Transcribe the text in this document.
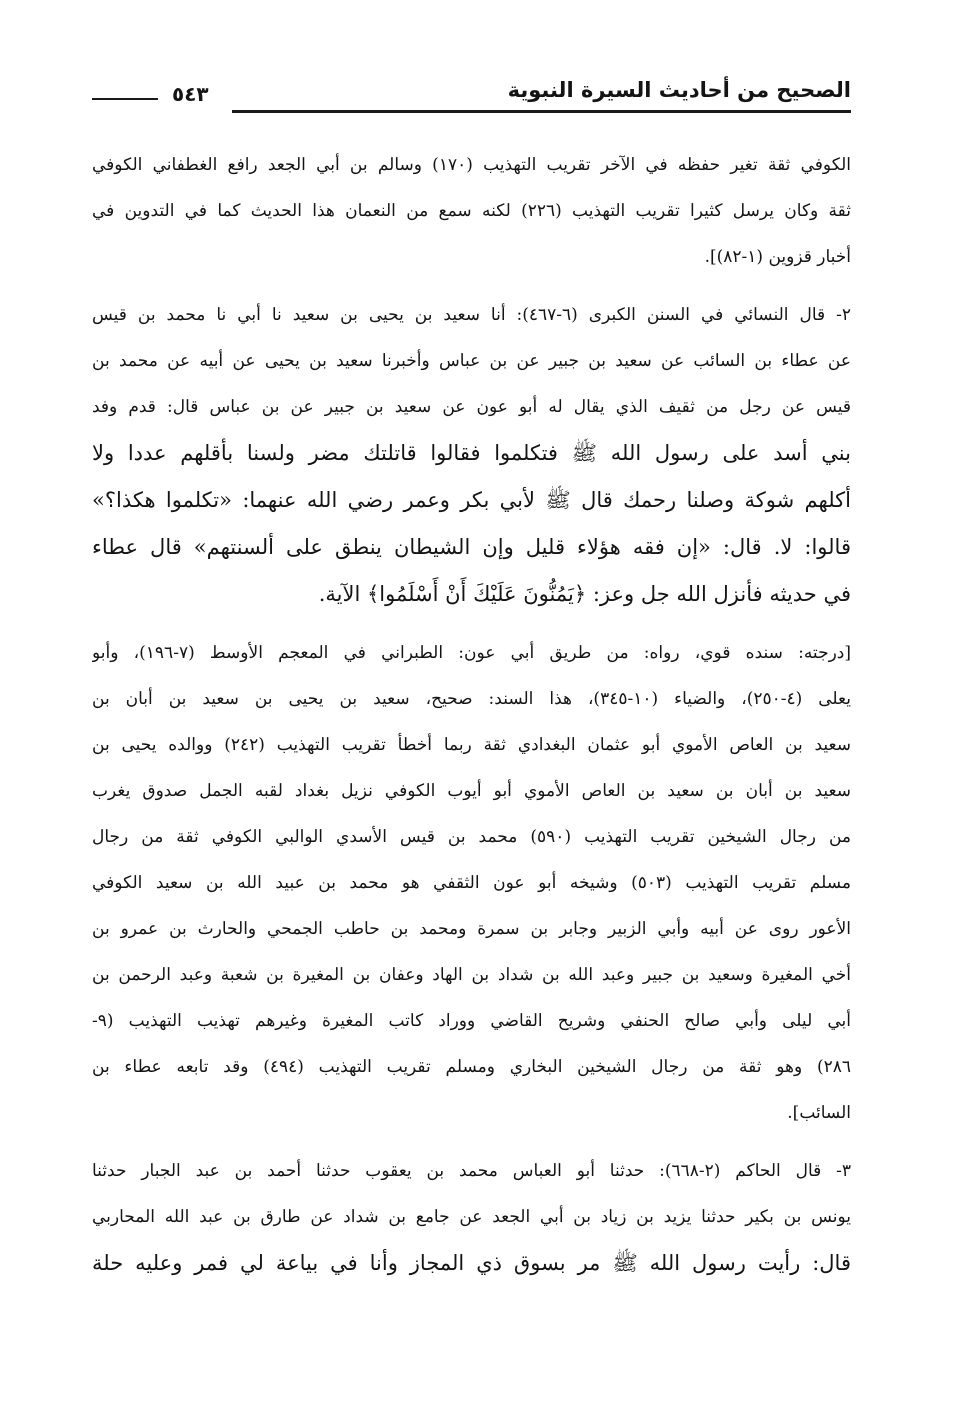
٥٤٣	الصحيح من أحاديث السيرة النبوية
الكوفي ثقة تغير حفظه في الآخر تقريب التهذيب (١٧٠) وسالم بن أبي الجعد رافع الغطفاني الكوفي
ثقة وكان يرسل كثيرا تقريب التهذيب (٢٢٦) لكنه سمع من النعمان هذا الحديث كما في التدوين في
أخبار قزوين (١-٨٢)].
٢- قال النسائي في السنن الكبرى (٦-٤٦٧): أنا سعيد بن يحيى بن سعيد نا أبي نا محمد بن قيس
عن عطاء بن السائب عن سعيد بن جبير عن بن عباس وأخبرنا سعيد بن يحيى عن أبيه عن محمد بن
قيس عن رجل من ثقيف الذي يقال له أبو عون عن سعيد بن جبير عن بن عباس قال: قدم وفد
بني أسد على رسول الله ﷺ فتكلموا فقالوا قاتلتك مضر ولسنا بأقلهم عددا ولا
أكلهم شوكة وصلنا رحمك قال ﷺ لأبي بكر وعمر رضي الله عنهما: «تكلموا هكذا؟»
قالوا: لا. قال: «إن فقه هؤلاء قليل وإن الشيطان ينطق على ألسنتهم» قال عطاء
في حديثه فأنزل الله جل وعز: ﴿يَمُنُّونَ عَلَيْكَ أَنْ أَسْلَمُوا﴾ الآية.
[درجته: سنده قوي، رواه: من طريق أبي عون: الطبراني في المعجم الأوسط (٧-١٩٦)، وأبو
يعلى (٤-٢٥٠)، والضياء (١٠-٣٤٥)، هذا السند: صحيح، سعيد بن يحيى بن سعيد بن أبان بن
سعيد بن العاص الأموي أبو عثمان البغدادي ثقة ربما أخطأ تقريب التهذيب (٢٤٢) ووالده يحيى بن
سعيد بن أبان بن سعيد بن العاص الأموي أبو أيوب الكوفي نزيل بغداد لقبه الجمل صدوق يغرب
من رجال الشيخين تقريب التهذيب (٥٩٠) محمد بن قيس الأسدي الوالبي الكوفي ثقة من رجال
مسلم تقريب التهذيب (٥٠٣) وشيخه أبو عون الثقفي هو محمد بن عبيد الله بن سعيد الكوفي
الأعور روى عن أبيه وأبي الزبير وجابر بن سمرة ومحمد بن حاطب الجمحي والحارث بن عمرو بن
أخي المغيرة وسعيد بن جبير وعبد الله بن شداد بن الهاد وعفان بن المغيرة بن شعبة وعبد الرحمن بن
أبي ليلى وأبي صالح الحنفي وشريح القاضي ووراد كاتب المغيرة وغيرهم تهذيب التهذيب (٩-
٢٨٦) وهو ثقة من رجال الشيخين البخاري ومسلم تقريب التهذيب (٤٩٤) وقد تابعه عطاء بن
السائب].
٣- قال الحاكم (٢-٦٦٨): حدثنا أبو العباس محمد بن يعقوب حدثنا أحمد بن عبد الجبار حدثنا
يونس بن بكير حدثنا يزيد بن زياد بن أبي الجعد عن جامع بن شداد عن طارق بن عبد الله المحاربي
قال: رأيت رسول الله ﷺ مر بسوق ذي المجاز وأنا في بياعة لي فمر وعليه حلة
